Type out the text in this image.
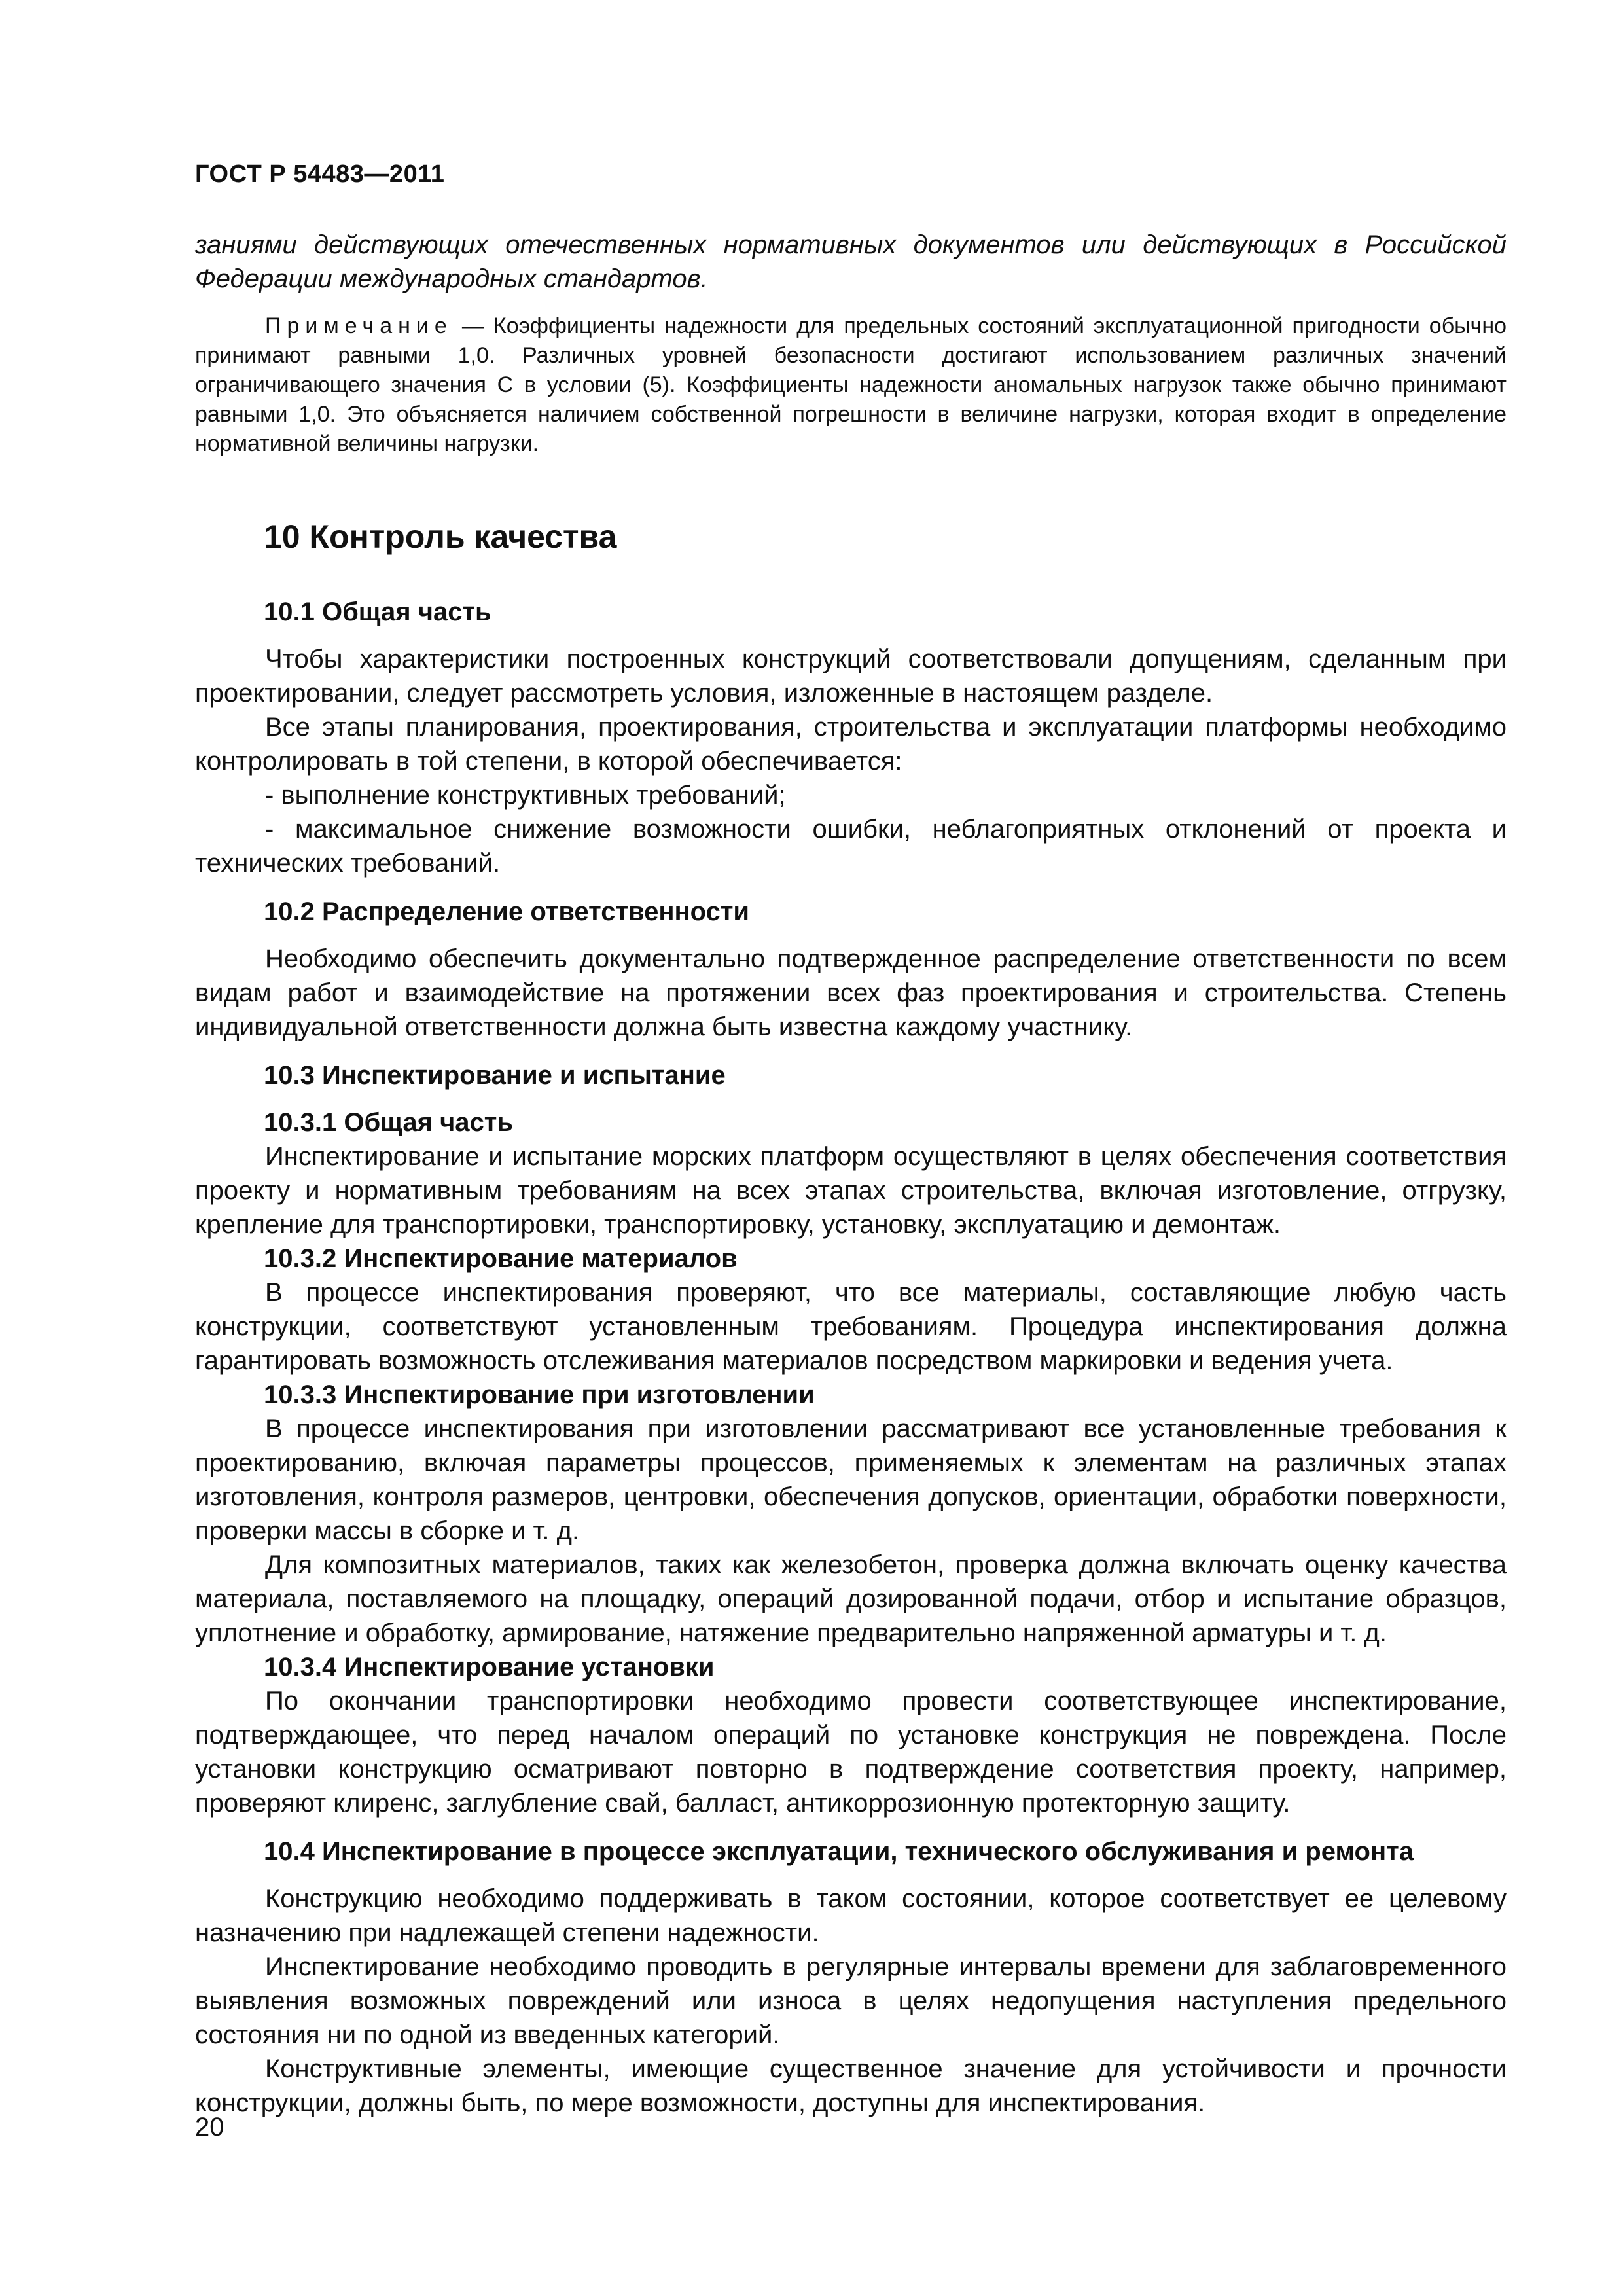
ГОСТ Р 54483—2011

заниями действующих отечественных нормативных документов или действующих в Российской Федерации международных стандартов.

Примечание — Коэффициенты надежности для предельных состояний эксплуатационной пригодности обычно принимают равными 1,0. Различных уровней безопасности достигают использованием различных значений ограничивающего значения С в условии (5). Коэффициенты надежности аномальных нагрузок также обычно принимают равными 1,0. Это объясняется наличием собственной погрешности в величине нагрузки, которая входит в определение нормативной величины нагрузки.

10 Контроль качества
10.1 Общая часть

Чтобы характеристики построенных конструкций соответствовали допущениям, сделанным при проектировании, следует рассмотреть условия, изложенные в настоящем разделе.

Все этапы планирования, проектирования, строительства и эксплуатации платформы необходимо контролировать в той степени, в которой обеспечивается:

- выполнение конструктивных требований;

- максимальное снижение возможности ошибки, неблагоприятных отклонений от проекта и технических требований.

10.2 Распределение ответственности

Необходимо обеспечить документально подтвержденное распределение ответственности по всем видам работ и взаимодействие на протяжении всех фаз проектирования и строительства. Степень индивидуальной ответственности должна быть известна каждому участнику.

10.3 Инспектирование и испытание
10.3.1 Общая часть

Инспектирование и испытание морских платформ осуществляют в целях обеспечения соответствия проекту и нормативным требованиям на всех этапах строительства, включая изготовление, отгрузку, крепление для транспортировки, транспортировку, установку, эксплуатацию и демонтаж.

10.3.2 Инспектирование материалов

В процессе инспектирования проверяют, что все материалы, составляющие любую часть конструкции, соответствуют установленным требованиям. Процедура инспектирования должна гарантировать возможность отслеживания материалов посредством маркировки и ведения учета.

10.3.3 Инспектирование при изготовлении

В процессе инспектирования при изготовлении рассматривают все установленные требования к проектированию, включая параметры процессов, применяемых к элементам на различных этапах изготовления, контроля размеров, центровки, обеспечения допусков, ориентации, обработки поверхности, проверки массы в сборке и т. д.

Для композитных материалов, таких как железобетон, проверка должна включать оценку качества материала, поставляемого на площадку, операций дозированной подачи, отбор и испытание образцов, уплотнение и обработку, армирование, натяжение предварительно напряженной арматуры и т. д.

10.3.4 Инспектирование установки

По окончании транспортировки необходимо провести соответствующее инспектирование, подтверждающее, что перед началом операций по установке конструкция не повреждена. После установки конструкцию осматривают повторно в подтверждение соответствия проекту, например, проверяют клиренс, заглубление свай, балласт, антикоррозионную протекторную защиту.

10.4 Инспектирование в процессе эксплуатации, технического обслуживания и ремонта

Конструкцию необходимо поддерживать в таком состоянии, которое соответствует ее целевому назначению при надлежащей степени надежности.

Инспектирование необходимо проводить в регулярные интервалы времени для заблаговременного выявления возможных повреждений или износа в целях недопущения наступления предельного состояния ни по одной из введенных категорий.

Конструктивные элементы, имеющие существенное значение для устойчивости и прочности конструкции, должны быть, по мере возможности, доступны для инспектирования.

20
